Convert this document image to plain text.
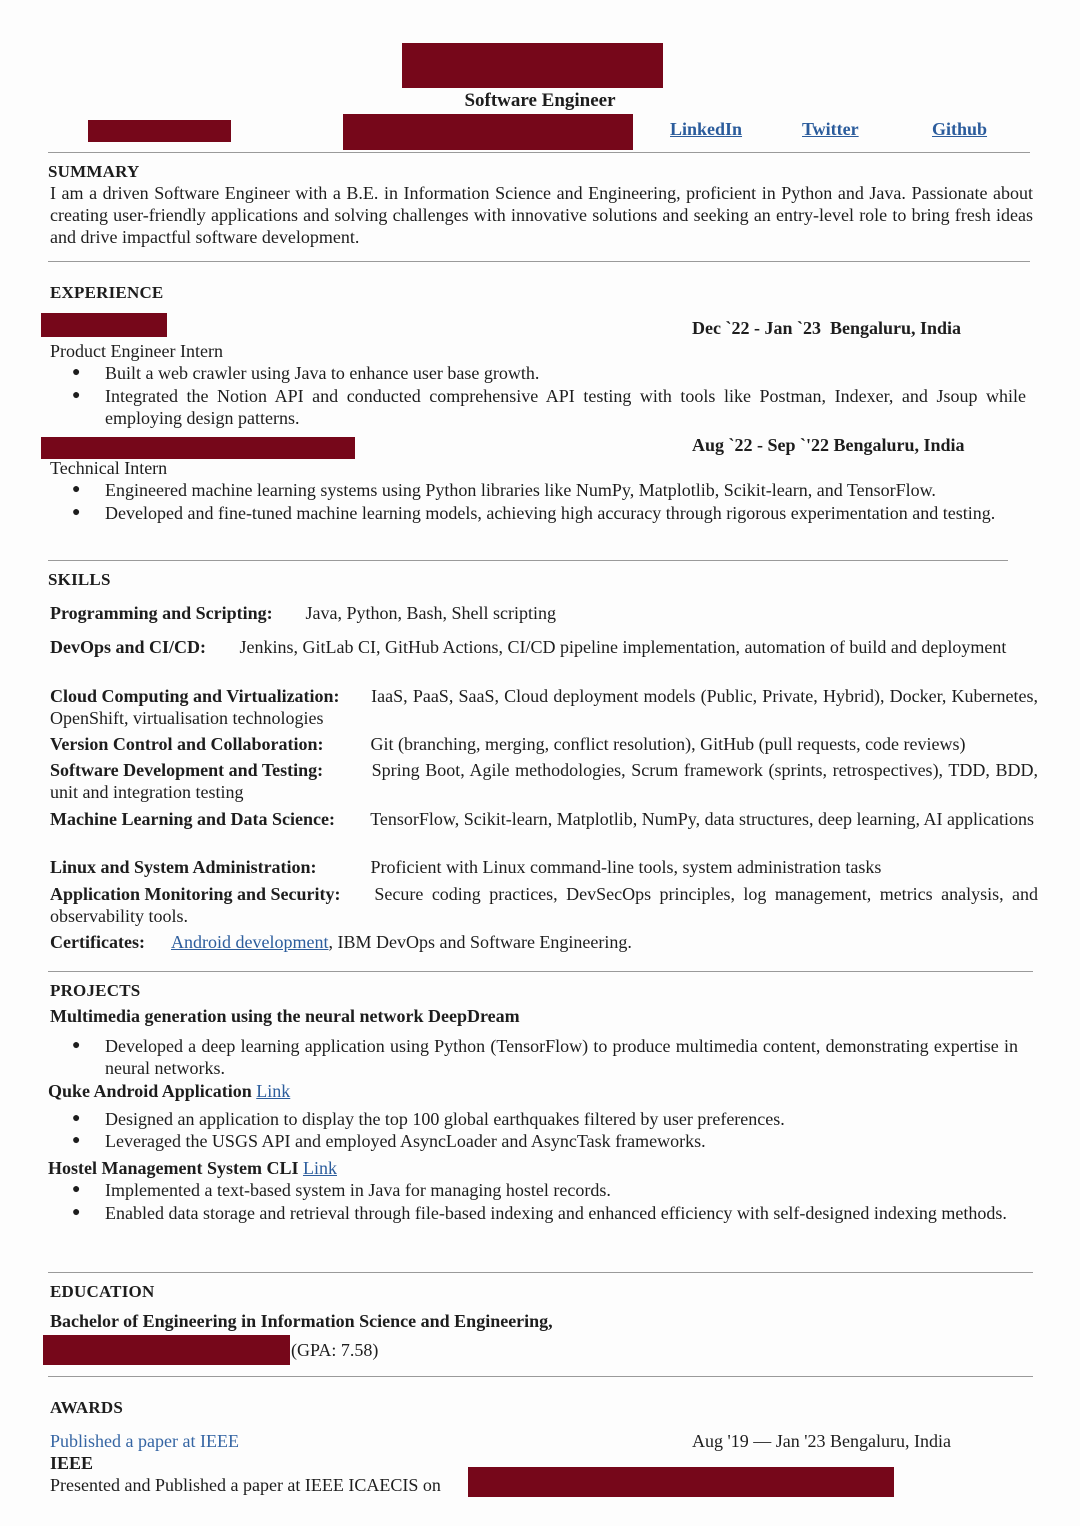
Software Engineer
LinkedIn	Twitter	Github
SUMMARY
I am a driven Software Engineer with a B.E. in Information Science and Engineering, proficient in Python and Java. Passionate about creating user-friendly applications and solving challenges with innovative solutions and seeking an entry-level role to bring fresh ideas and drive impactful software development.
EXPERIENCE
Dec `22 - Jan `23  Bengaluru, India
Product Engineer Intern
● Built a web crawler using Java to enhance user base growth.
● Integrated the Notion API and conducted comprehensive API testing with tools like Postman, Indexer, and Jsoup while employing design patterns.
Aug `22 - Sep `'22 Bengaluru, India
Technical Intern
● Engineered machine learning systems using Python libraries like NumPy, Matplotlib, Scikit-learn, and TensorFlow.
● Developed and fine-tuned machine learning models, achieving high accuracy through rigorous experimentation and testing.
SKILLS
Programming and Scripting: Java, Python, Bash, Shell scripting
DevOps and CI/CD: Jenkins, GitLab CI, GitHub Actions, CI/CD pipeline implementation, automation of build and deployment
Cloud Computing and Virtualization: IaaS, PaaS, SaaS, Cloud deployment models (Public, Private, Hybrid), Docker, Kubernetes, OpenShift, virtualisation technologies
Version Control and Collaboration:	Git (branching, merging, conflict resolution), GitHub (pull requests, code reviews)
Software Development and Testing:	Spring Boot, Agile methodologies, Scrum framework (sprints, retrospectives), TDD, BDD, unit and integration testing
Machine Learning and Data Science: TensorFlow, Scikit-learn, Matplotlib, NumPy, data structures, deep learning, AI applications
Linux and System Administration:	Proficient with Linux command-line tools, system administration tasks
Application Monitoring and Security: Secure coding practices, DevSecOps principles, log management, metrics analysis, and observability tools.
Certificates: Android development, IBM DevOps and Software Engineering.
PROJECTS
Multimedia generation using the neural network DeepDream
● Developed a deep learning application using Python (TensorFlow) to produce multimedia content, demonstrating expertise in neural networks.
Quke Android Application Link
● Designed an application to display the top 100 global earthquakes filtered by user preferences.
● Leveraged the USGS API and employed AsyncLoader and AsyncTask frameworks.
Hostel Management System CLI Link
● Implemented a text-based system in Java for managing hostel records.
● Enabled data storage and retrieval through file-based indexing and enhanced efficiency with self-designed indexing methods.
EDUCATION
Bachelor of Engineering in Information Science and Engineering,
(GPA: 7.58)
AWARDS
Published a paper at IEEE	Aug '19 — Jan '23 Bengaluru, India
IEEE
Presented and Published a paper at IEEE ICAECIS on
